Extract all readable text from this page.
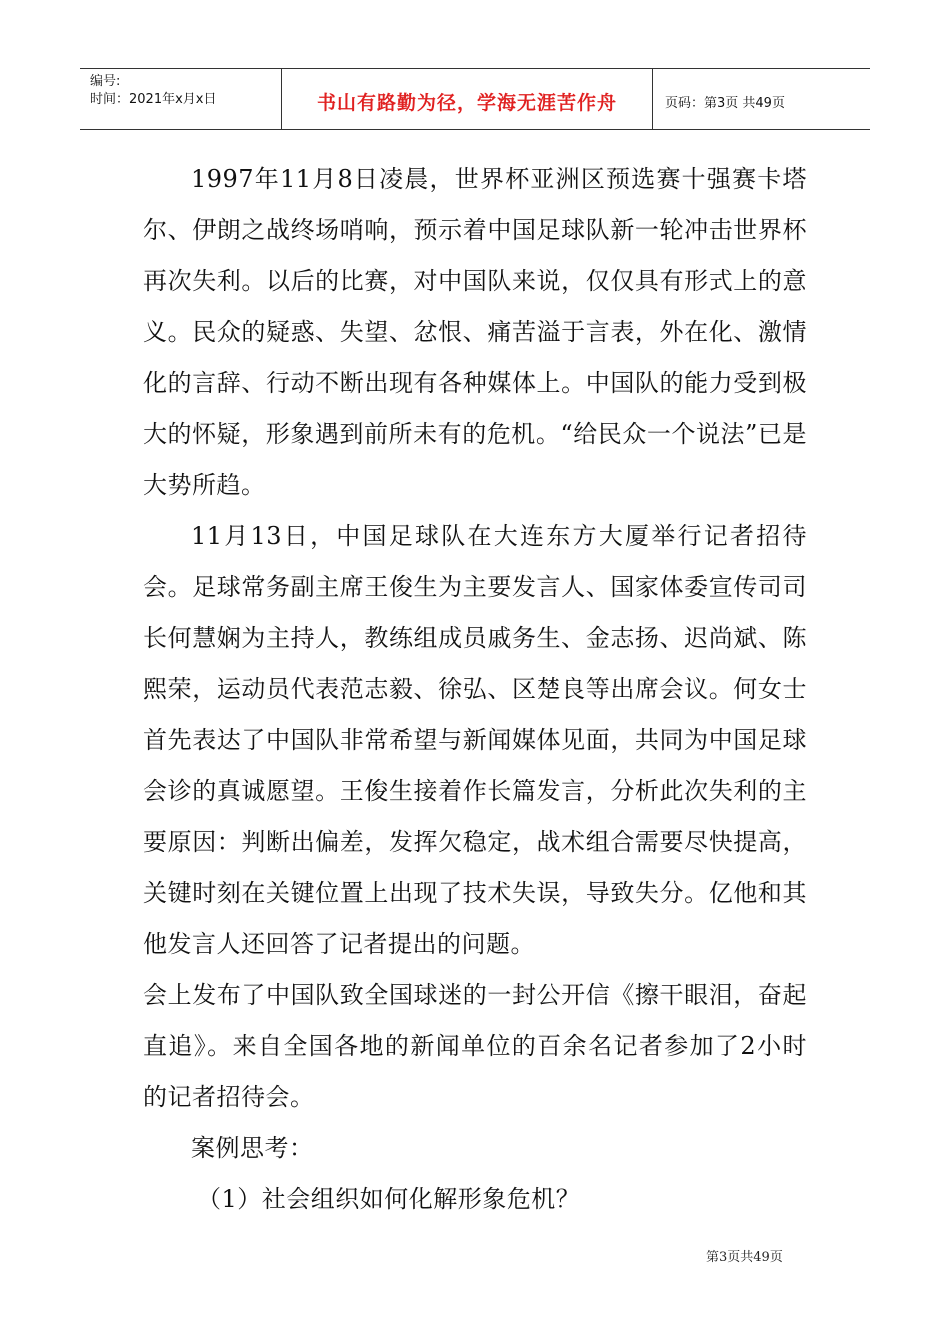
编号:
时间：2021年x月x日	书山有路勤为径，学海无涯苦作舟	页码：第3页 共49页

1997年11月8日凌晨，世界杯亚洲区预选赛十强赛卡塔尔、伊朗之战终场哨响，预示着中国足球队新一轮冲击世界杯再次失利。以后的比赛，对中国队来说，仅仅具有形式上的意义。民众的疑惑、失望、忿恨、痛苦溢于言表，外在化、激情化的言辞、行动不断出现有各种媒体上。中国队的能力受到极大的怀疑，形象遇到前所未有的危机。“给民众一个说法”已是大势所趋。

11月13日，中国足球队在大连东方大厦举行记者招待会。足球常务副主席王俊生为主要发言人、国家体委宣传司司长何慧娴为主持人，教练组成员戚务生、金志扬、迟尚斌、陈熙荣，运动员代表范志毅、徐弘、区楚良等出席会议。何女士首先表达了中国队非常希望与新闻媒体见面，共同为中国足球会诊的真诚愿望。王俊生接着作长篇发言，分析此次失利的主要原因：判断出偏差，发挥欠稳定，战术组合需要尽快提高，关键时刻在关键位置上出现了技术失误，导致失分。亿他和其他发言人还回答了记者提出的问题。

会上发布了中国队致全国球迷的一封公开信《擦干眼泪，奋起直追》。来自全国各地的新闻单位的百余名记者参加了2小时的记者招待会。

案例思考：

（1）社会组织如何化解形象危机？

第3页共49页
